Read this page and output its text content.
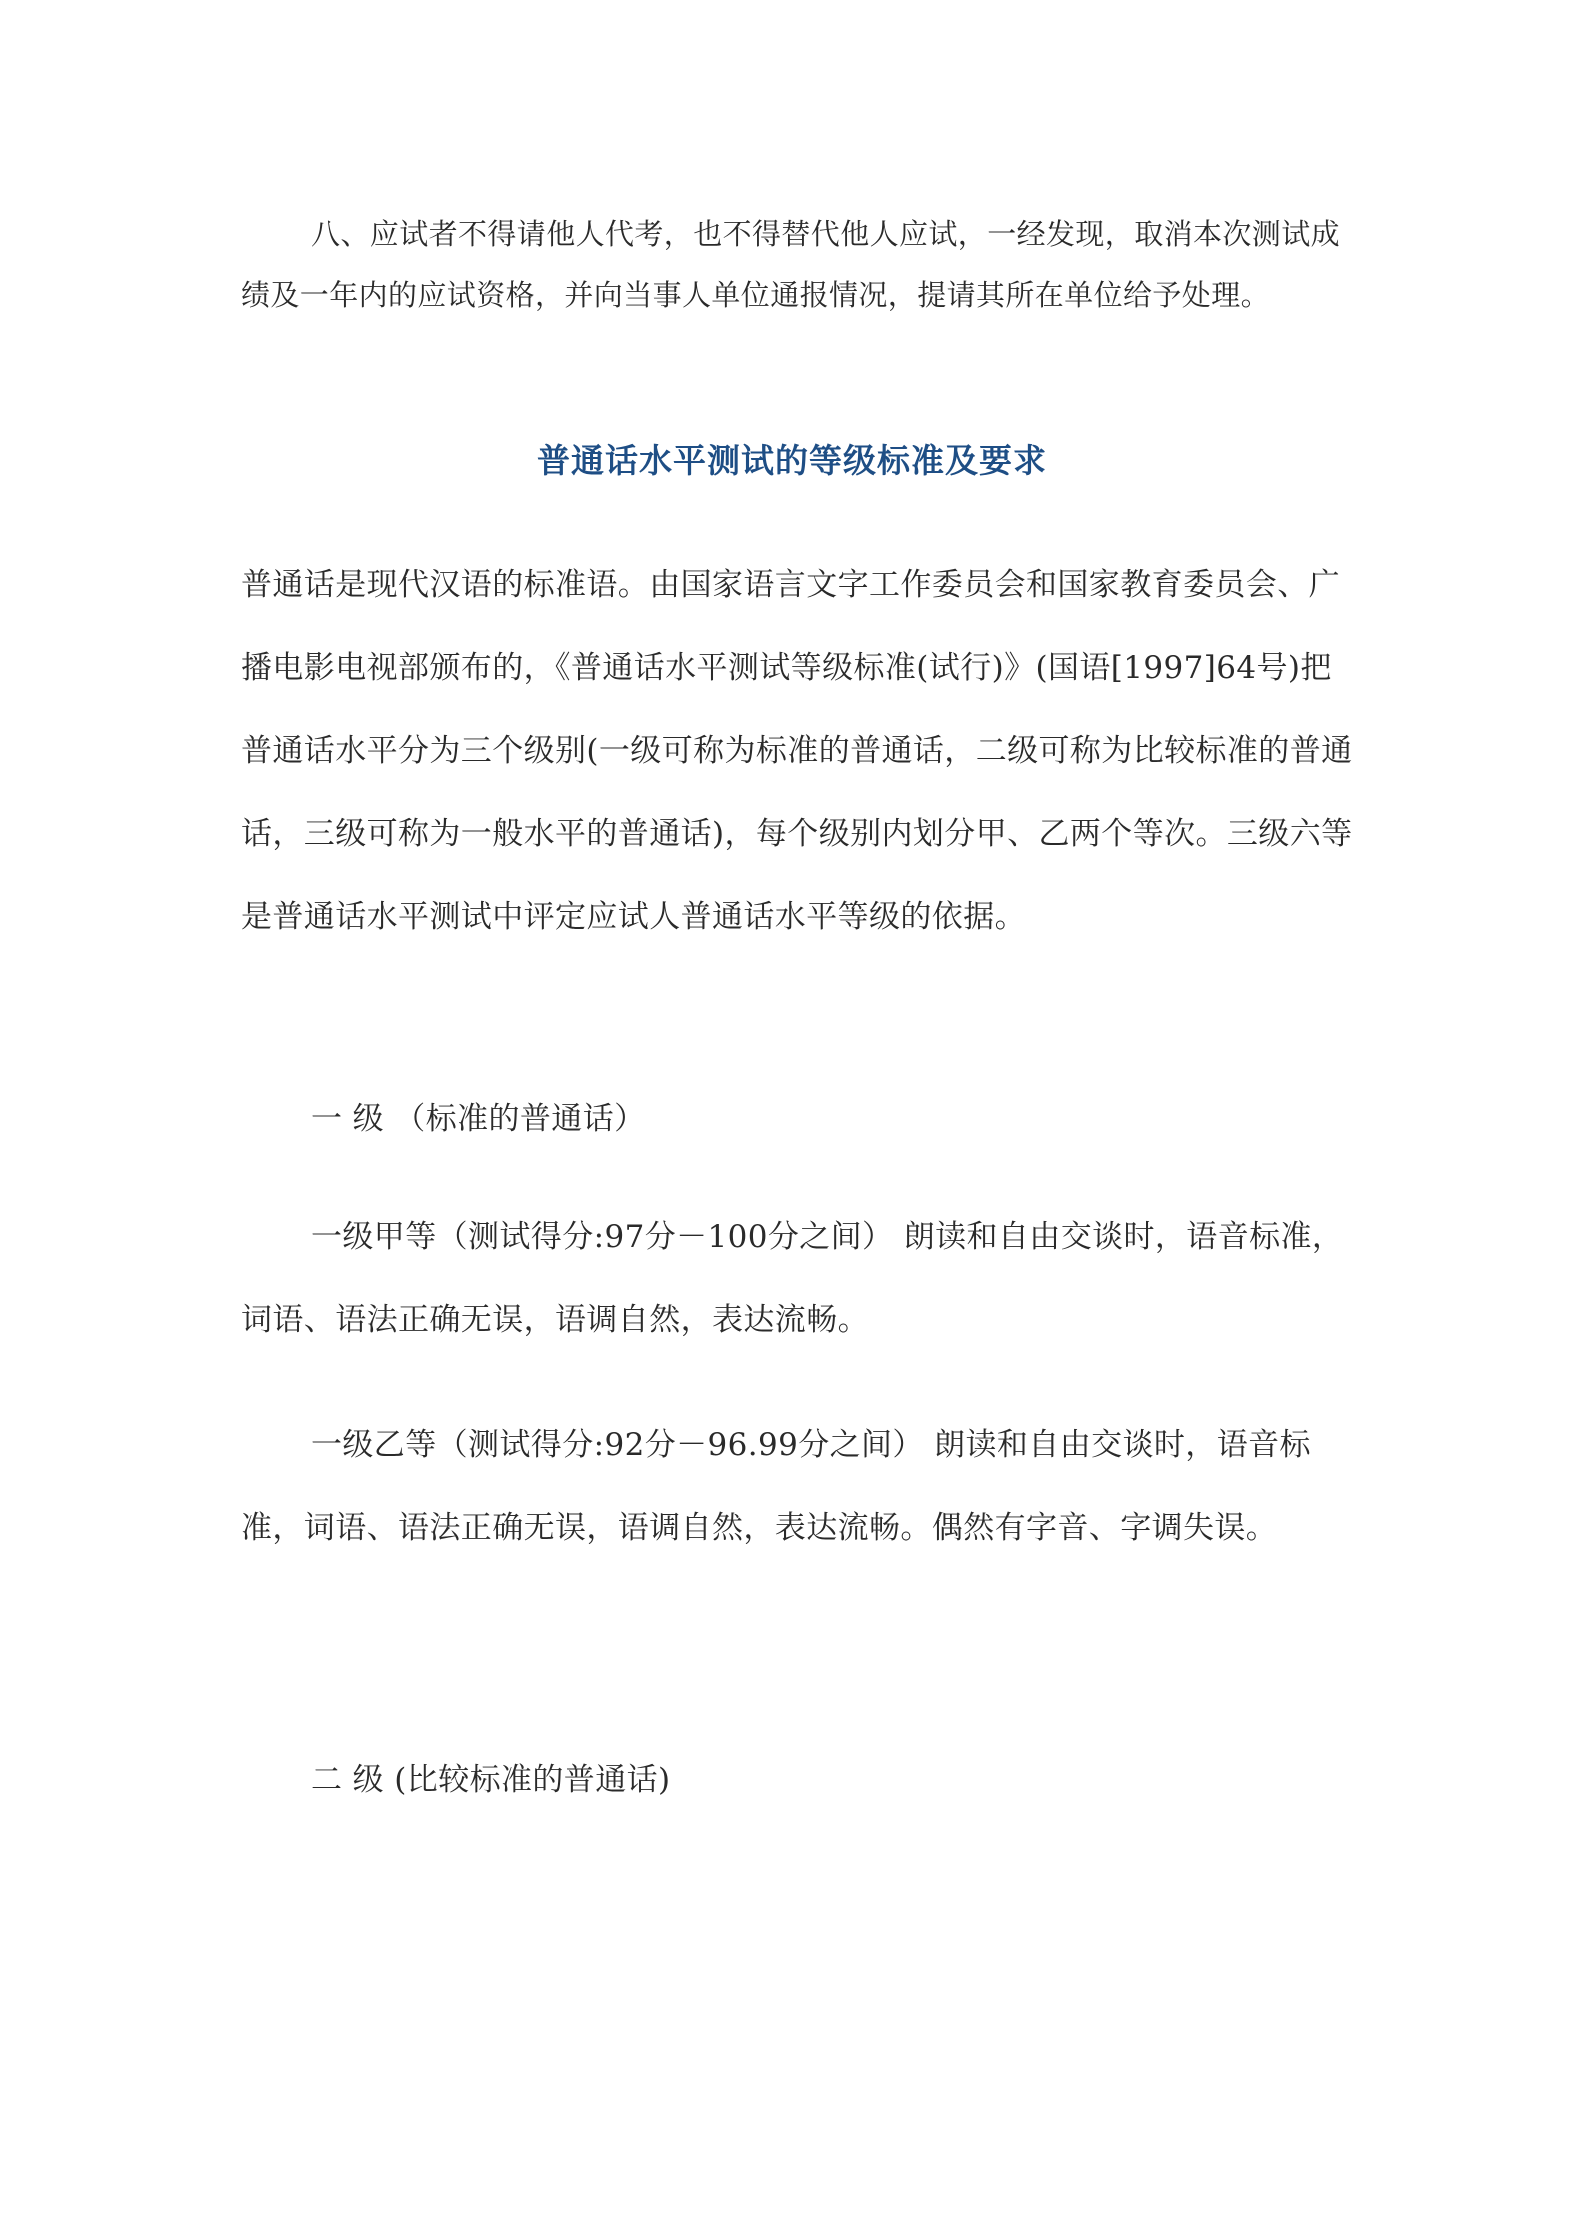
八、应试者不得请他人代考，也不得替代他人应试，一经发现，取消本次测试成绩及一年内的应试资格，并向当事人单位通报情况，提请其所在单位给予处理。

普通话水平测试的等级标准及要求

普通话是现代汉语的标准语。由国家语言文字工作委员会和国家教育委员会、广播电影电视部颁布的，《普通话水平测试等级标准(试行)》(国语[1997]64号)把普通话水平分为三个级别(一级可称为标准的普通话，二级可称为比较标准的普通话，三级可称为一般水平的普通话)，每个级别内划分甲、乙两个等次。三级六等是普通话水平测试中评定应试人普通话水平等级的依据。

一 级 （标准的普通话）

一级甲等（测试得分:97分－100分之间） 朗读和自由交谈时，语音标准，词语、语法正确无误，语调自然，表达流畅。

一级乙等（测试得分:92分－96.99分之间） 朗读和自由交谈时，语音标准，词语、语法正确无误，语调自然，表达流畅。偶然有字音、字调失误。

二 级 (比较标准的普通话)
